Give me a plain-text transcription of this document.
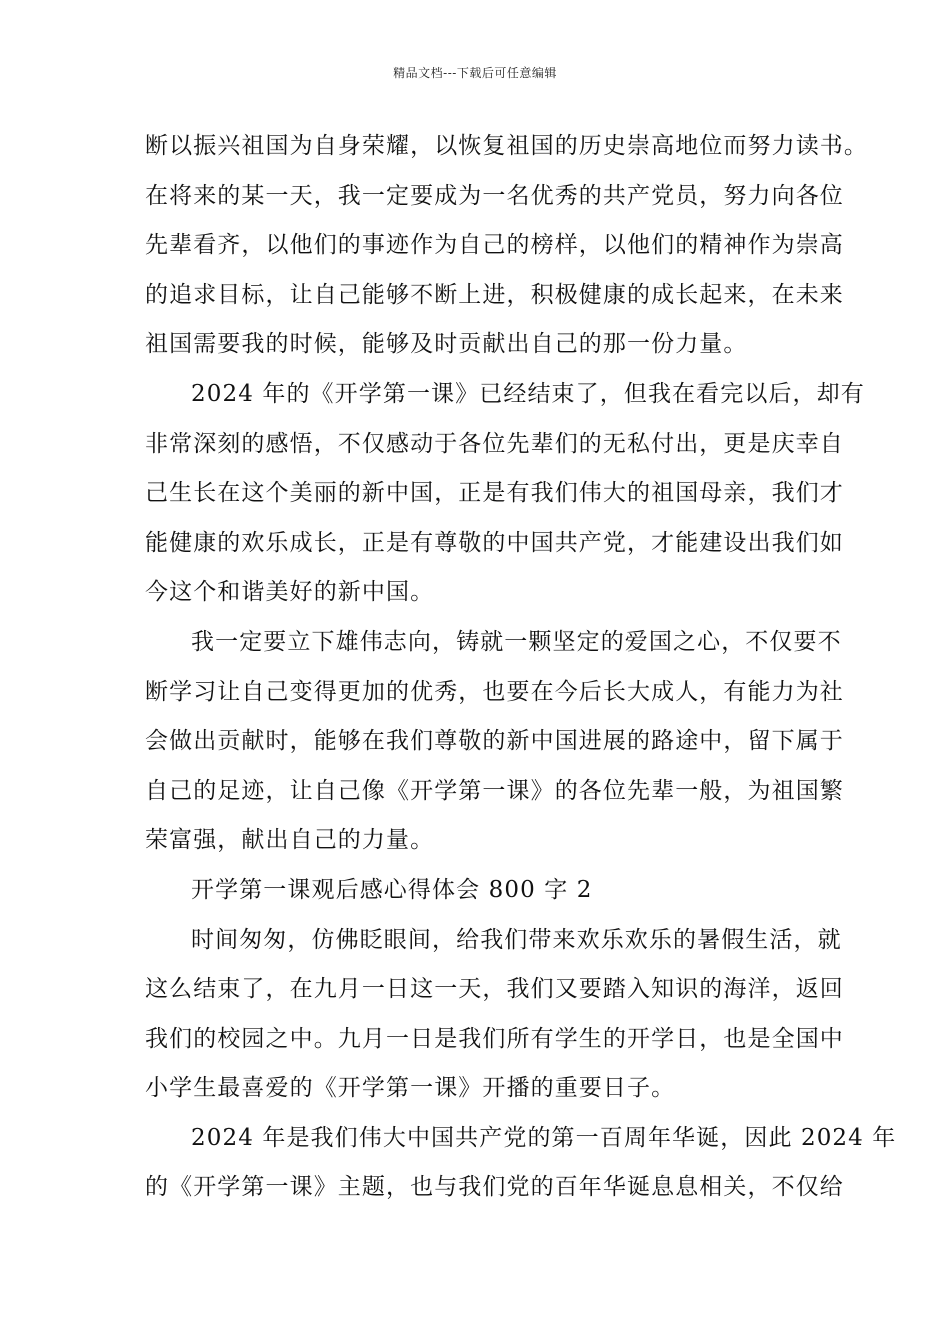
精品文档---下载后可任意编辑
断以振兴祖国为自身荣耀，以恢复祖国的历史崇高地位而努力读书。
在将来的某一天，我一定要成为一名优秀的共产党员，努力向各位
先辈看齐，以他们的事迹作为自己的榜样，以他们的精神作为崇高
的追求目标，让自己能够不断上进，积极健康的成长起来，在未来
祖国需要我的时候，能够及时贡献出自己的那一份力量。
2024 年的《开学第一课》已经结束了，但我在看完以后，却有
非常深刻的感悟，不仅感动于各位先辈们的无私付出，更是庆幸自
己生长在这个美丽的新中国，正是有我们伟大的祖国母亲，我们才
能健康的欢乐成长，正是有尊敬的中国共产党，才能建设出我们如
今这个和谐美好的新中国。
我一定要立下雄伟志向，铸就一颗坚定的爱国之心，不仅要不
断学习让自己变得更加的优秀，也要在今后长大成人，有能力为社
会做出贡献时，能够在我们尊敬的新中国进展的路途中，留下属于
自己的足迹，让自己像《开学第一课》的各位先辈一般，为祖国繁
荣富强，献出自己的力量。
开学第一课观后感心得体会 800 字 2
时间匆匆，仿佛眨眼间，给我们带来欢乐欢乐的暑假生活，就
这么结束了，在九月一日这一天，我们又要踏入知识的海洋，返回
我们的校园之中。九月一日是我们所有学生的开学日，也是全国中
小学生最喜爱的《开学第一课》开播的重要日子。
2024 年是我们伟大中国共产党的第一百周年华诞，因此 2024 年
的《开学第一课》主题，也与我们党的百年华诞息息相关，不仅给
